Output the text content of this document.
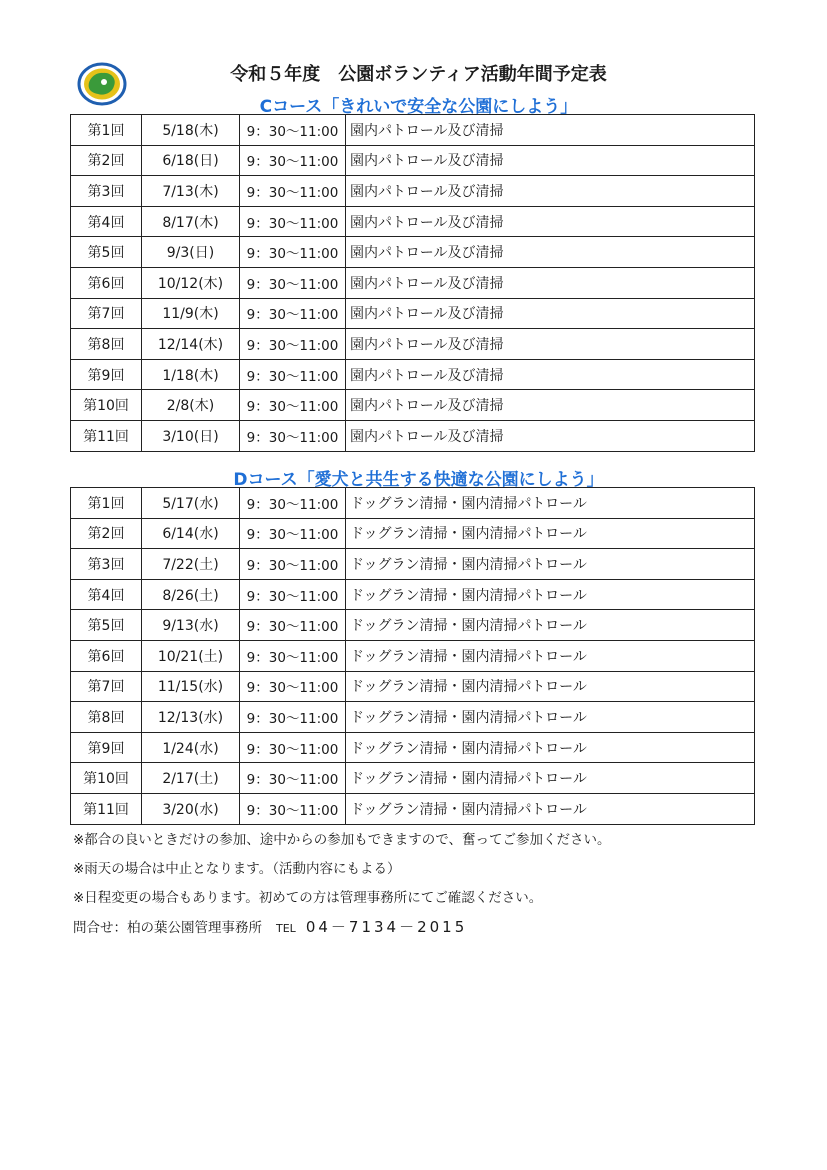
令和５年度　公園ボランティア活動年間予定表
Cコース「きれいで安全な公園にしよう」
第1回	5/18(木)	9：30～11:00	園内パトロール及び清掃
第2回	6/18(日)	9：30～11:00	園内パトロール及び清掃
第3回	7/13(木)	9：30～11:00	園内パトロール及び清掃
第4回	8/17(木)	9：30～11:00	園内パトロール及び清掃
第5回	9/3(日)	9：30～11:00	園内パトロール及び清掃
第6回	10/12(木)	9：30～11:00	園内パトロール及び清掃
第7回	11/9(木)	9：30～11:00	園内パトロール及び清掃
第8回	12/14(木)	9：30～11:00	園内パトロール及び清掃
第9回	1/18(木)	9：30～11:00	園内パトロール及び清掃
第10回	2/8(木)	9：30～11:00	園内パトロール及び清掃
第11回	3/10(日)	9：30～11:00	園内パトロール及び清掃
Dコース「愛犬と共生する快適な公園にしよう」
第1回	5/17(水)	9：30～11:00	ドッグラン清掃・園内清掃パトロール
第2回	6/14(水)	9：30～11:00	ドッグラン清掃・園内清掃パトロール
第3回	7/22(土)	9：30～11:00	ドッグラン清掃・園内清掃パトロール
第4回	8/26(土)	9：30～11:00	ドッグラン清掃・園内清掃パトロール
第5回	9/13(水)	9：30～11:00	ドッグラン清掃・園内清掃パトロール
第6回	10/21(土)	9：30～11:00	ドッグラン清掃・園内清掃パトロール
第7回	11/15(水)	9：30～11:00	ドッグラン清掃・園内清掃パトロール
第8回	12/13(水)	9：30～11:00	ドッグラン清掃・園内清掃パトロール
第9回	1/24(水)	9：30～11:00	ドッグラン清掃・園内清掃パトロール
第10回	2/17(土)	9：30～11:00	ドッグラン清掃・園内清掃パトロール
第11回	3/20(水)	9：30～11:00	ドッグラン清掃・園内清掃パトロール

※都合の良いときだけの参加、途中からの参加もできますので、奮ってご参加ください。

※雨天の場合は中止となります。（活動内容にもよる）

※日程変更の場合もあります。初めての方は管理事務所にてご確認ください。

問合せ：柏の葉公園管理事務所 TEL 04－7134－2015
